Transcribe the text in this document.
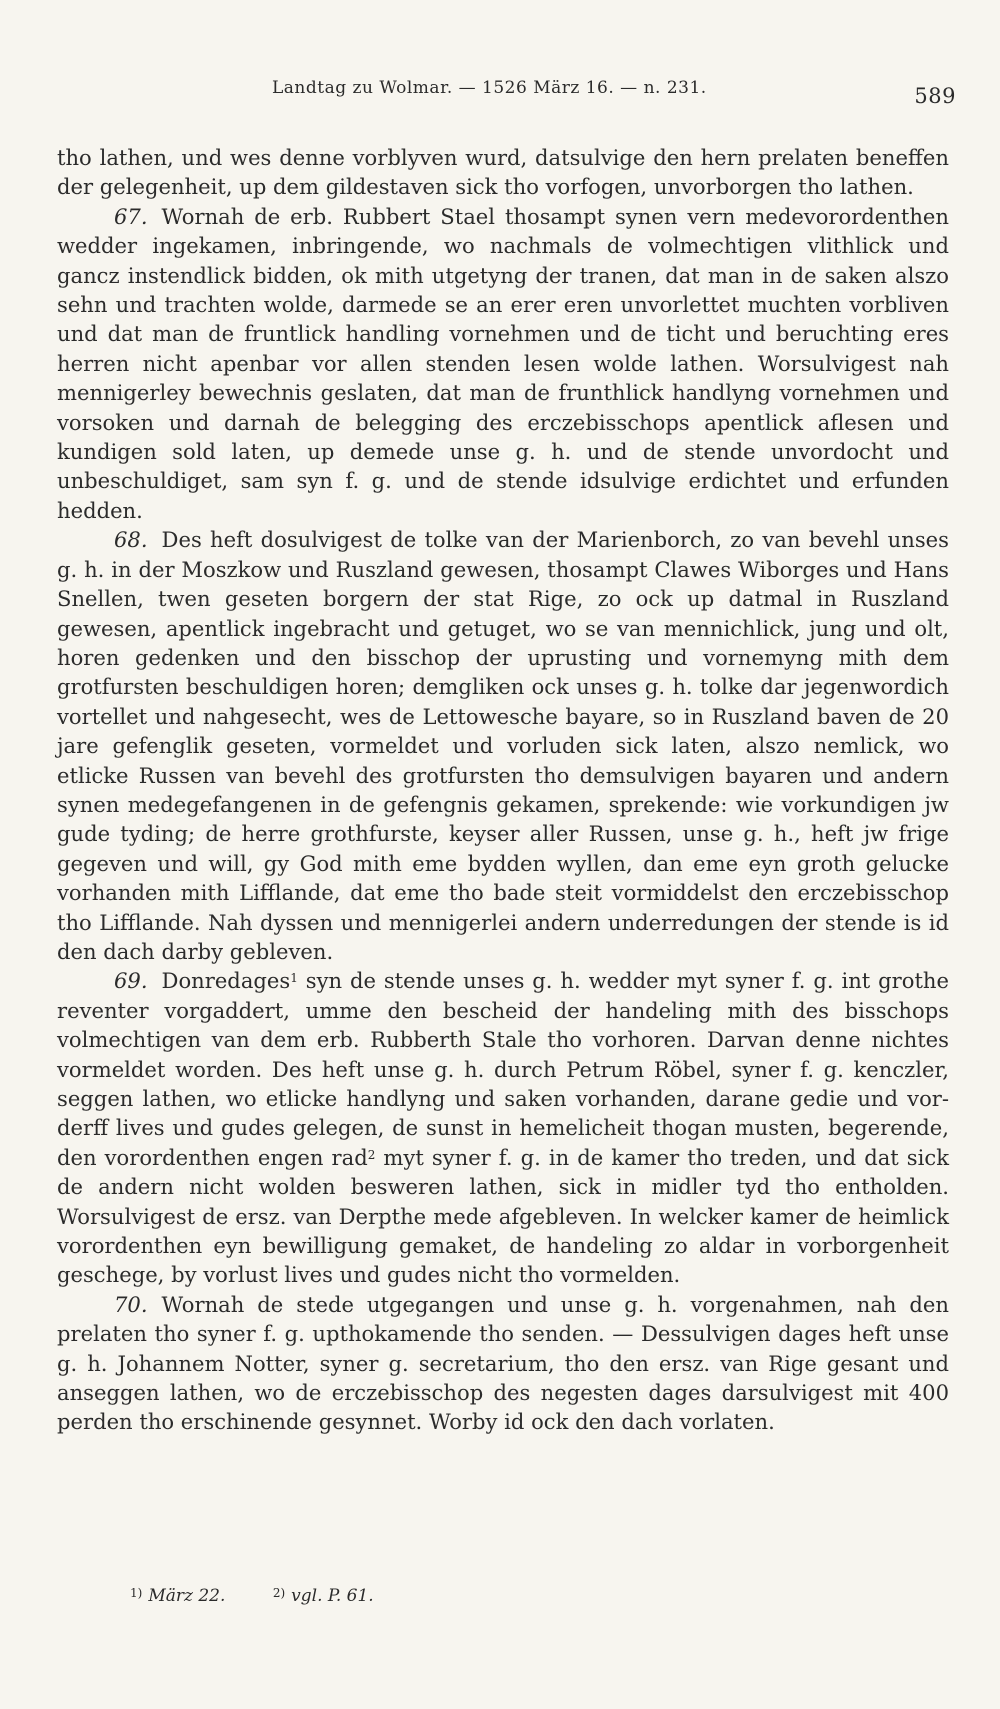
Landtag zu Wolmar. — 1526 März 16. — n. 231.	589

tho lathen, und wes denne vorblyven wurd, datsulvige den hern prelaten beneffen der gelegenheit, up dem gildestaven sick tho vorfogen, unvorborgen tho lathen.

67. Wornah de erb. Rubbert Stael thosampt synen vern medevorordenthen wedder ingekamen, inbringende, wo nachmals de volmechtigen vlithlick und gancz instendlick bidden, ok mith utgetyng der tranen, dat man in de saken alszo sehn und trachten wolde, darmede se an erer eren unvorlettet muchten vorbliven und dat man de fruntlick handling vornehmen und de ticht und beruchting eres herren nicht apenbar vor allen stenden lesen wolde lathen. Worsulvigest nah mennigerley bewechnis geslaten, dat man de frunthlick handlyng vornehmen und vorsoken und darnah de belegging des erczebisschops apentlick aflesen und kundigen sold laten, up demede unse g. h. und de stende unvordocht und unbeschuldiget, sam syn f. g. und de stende idsulvige erdichtet und erfunden hedden.

68. Des heft dosulvigest de tolke van der Marienborch, zo van bevehl unses g. h. in der Moszkow und Ruszland gewesen, thosampt Clawes Wiborges und Hans Snellen, twen geseten borgern der stat Rige, zo ock up datmal in Ruszland gewesen, apentlick ingebracht und getuget, wo se van mennichlick, jung und olt, horen gedenken und den bisschop der uprusting und vornemyng mith dem grotfursten beschuldigen horen; demgliken ock unses g. h. tolke dar jegenwordich vortellet und nahgesecht, wes de Lettowesche bayare, so in Ruszland baven de 20 jare gefenglik geseten, vormeldet und vorluden sick laten, alszo nemlick, wo etlicke Russen van bevehl des grotfursten tho demsulvigen bayaren und andern synen medegefangenen in de gefengnis gekamen, sprekende: wie vorkundigen jw gude tyding; de herre grothfurste, keyser aller Russen, unse g. h., heft jw frige gegeven und will, gy God mith eme bydden wyllen, dan eme eyn groth gelucke vorhanden mith Lifflande, dat eme tho bade steit vormiddelst den erczebisschop tho Lifflande. Nah dyssen und mennigerlei andern underredungen der stende is id den dach darby gebleven.

69. Donredages$^1$ syn de stende unses g. h. wedder myt syner f. g. int grothe reventer vorgaddert, umme den bescheid der handeling mith des bisschops volmechtigen van dem erb. Rubberth Stale tho vorhoren. Darvan denne nichtes vormeldet worden. Des heft unse g. h. durch Petrum Röbel, syner f. g. kenczler, seggen lathen, wo etlicke handlyng und saken vorhanden, darane gedie und vorderff lives und gudes gelegen, de sunst in hemelicheit thogan musten, begerende, den vorordenthen engen rad$^2$ myt syner f. g. in de kamer tho treden, und dat sick de andern nicht wolden besweren lathen, sick in midler tyd tho entholden. Worsulvigest de ersz. van Derpthe mede afgebleven. In welcker kamer de heimlick vorordenthen eyn bewilligung gemaket, de handeling zo aldar in vorborgenheit geschege, by vorlust lives und gudes nicht tho vormelden.

70. Wornah de stede utgegangen und unse g. h. vorgenahmen, nah den prelaten tho syner f. g. upthokamende tho senden. — Dessulvigen dages heft unse g. h. Johannem Notter, syner g. secretarium, tho den ersz. van Rige gesant und anseggen lathen, wo de erczebisschop des negesten dages darsulvigest mit 400 perden tho erschinende gesynnet. Worby id ock den dach vorlaten.

$^{1)}$ März 22.	$^{2)}$ vgl. P. 61.
